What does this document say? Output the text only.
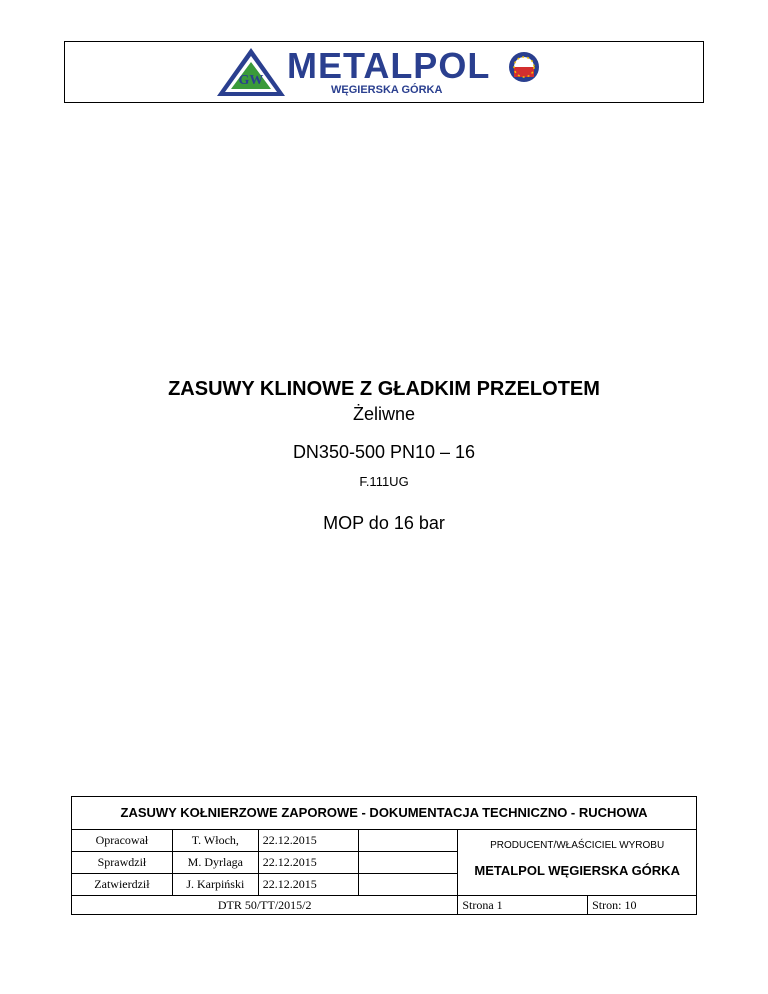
GW METALPOL
WĘGIERSKA GÓRKA
ZASUWY KLINOWE Z GŁADKIM PRZELOTEM
Żeliwne
DN350-500 PN10 – 16
F.111UG
MOP do 16 bar
ZASUWY KOŁNIERZOWE ZAPOROWE - DOKUMENTACJA TECHNICZNO - RUCHOWA					
Opracował	T. Włoch,	22.12.2015		PRODUCENT/WŁAŚCICIEL WYROBU
METALPOL WĘGIERSKA GÓRKA	

Sprawdził	M. Dyrlaga	22.12.2015			
Zatwierdził	J. Karpiński	22.12.2015			
DTR 50/TT/2015/2				Strona 1	Stron: 10
